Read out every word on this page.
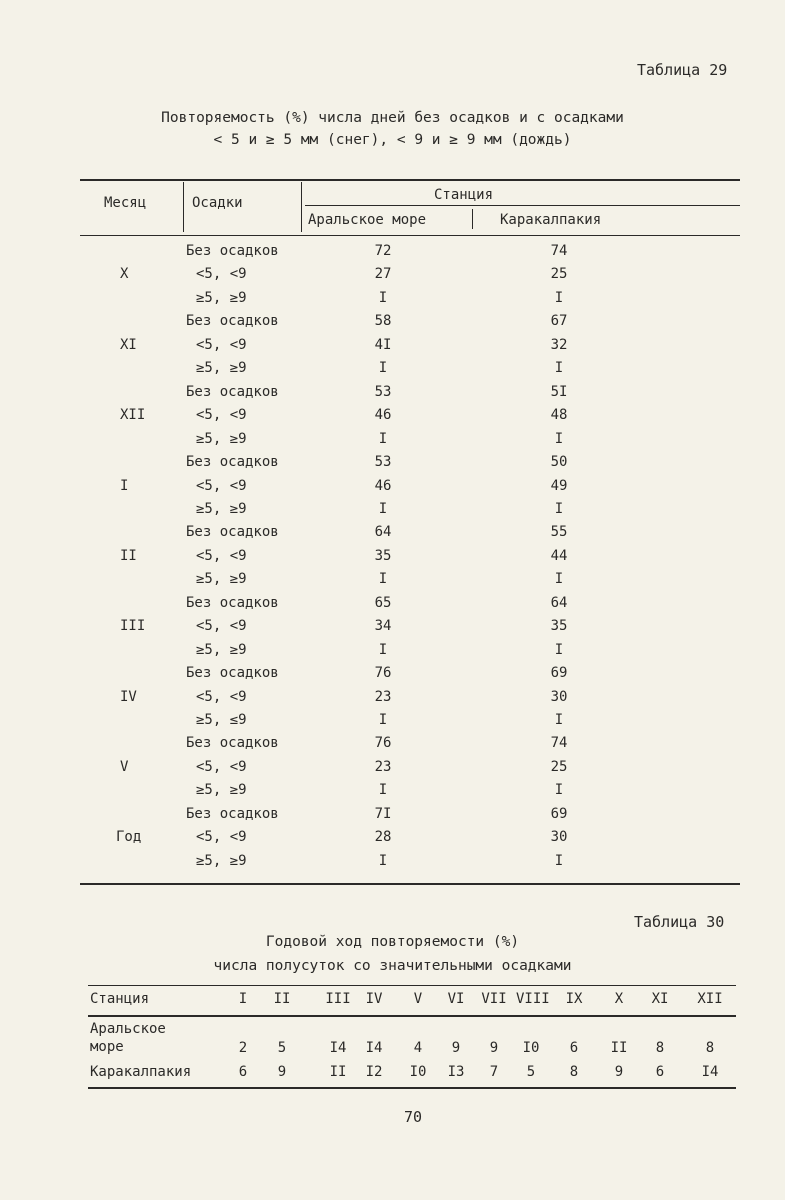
Таблица 29
Повторяемость (%) числа дней без осадков и с осадками
< 5 и ≥ 5 мм (снег), < 9 и ≥ 9 мм (дождь)
Месяц	Осадки	Станция
Аральское море	Каракалпакия
Без осадков	72	74
X	<5, <9	27	25
≥5, ≥9	I	I
Без осадков	58	67
XI	<5, <9	4I	32
≥5, ≥9	I	I
Без осадков	53	5I
XII	<5, <9	46	48
≥5, ≥9	I	I
Без осадков	53	50
I	<5, <9	46	49
≥5, ≥9	I	I
Без осадков	64	55
II	<5, <9	35	44
≥5, ≥9	I	I
Без осадков	65	64
III	<5, <9	34	35
≥5, ≥9	I	I
Без осадков	76	69
IV	<5, <9	23	30
≥5, ≤9	I	I
Без осадков	76	74
V	<5, <9	23	25
≥5, ≥9	I	I
Без осадков	7I	69
Год	<5, <9	28	30
≥5, ≥9	I	I
Таблица 30
Годовой ход повторяемости (%)
числа полусуток со значительными осадками
Станция	I	II	III	IV	V	VI	VII VIII	IX	X	XI	XII
Аральское море	2	5	I4	I4	4	9	9	I0	6	II	8	8
Каракалпакия	6	9	II	I2	I0	I3	7	5	8	9	6	I4
70
